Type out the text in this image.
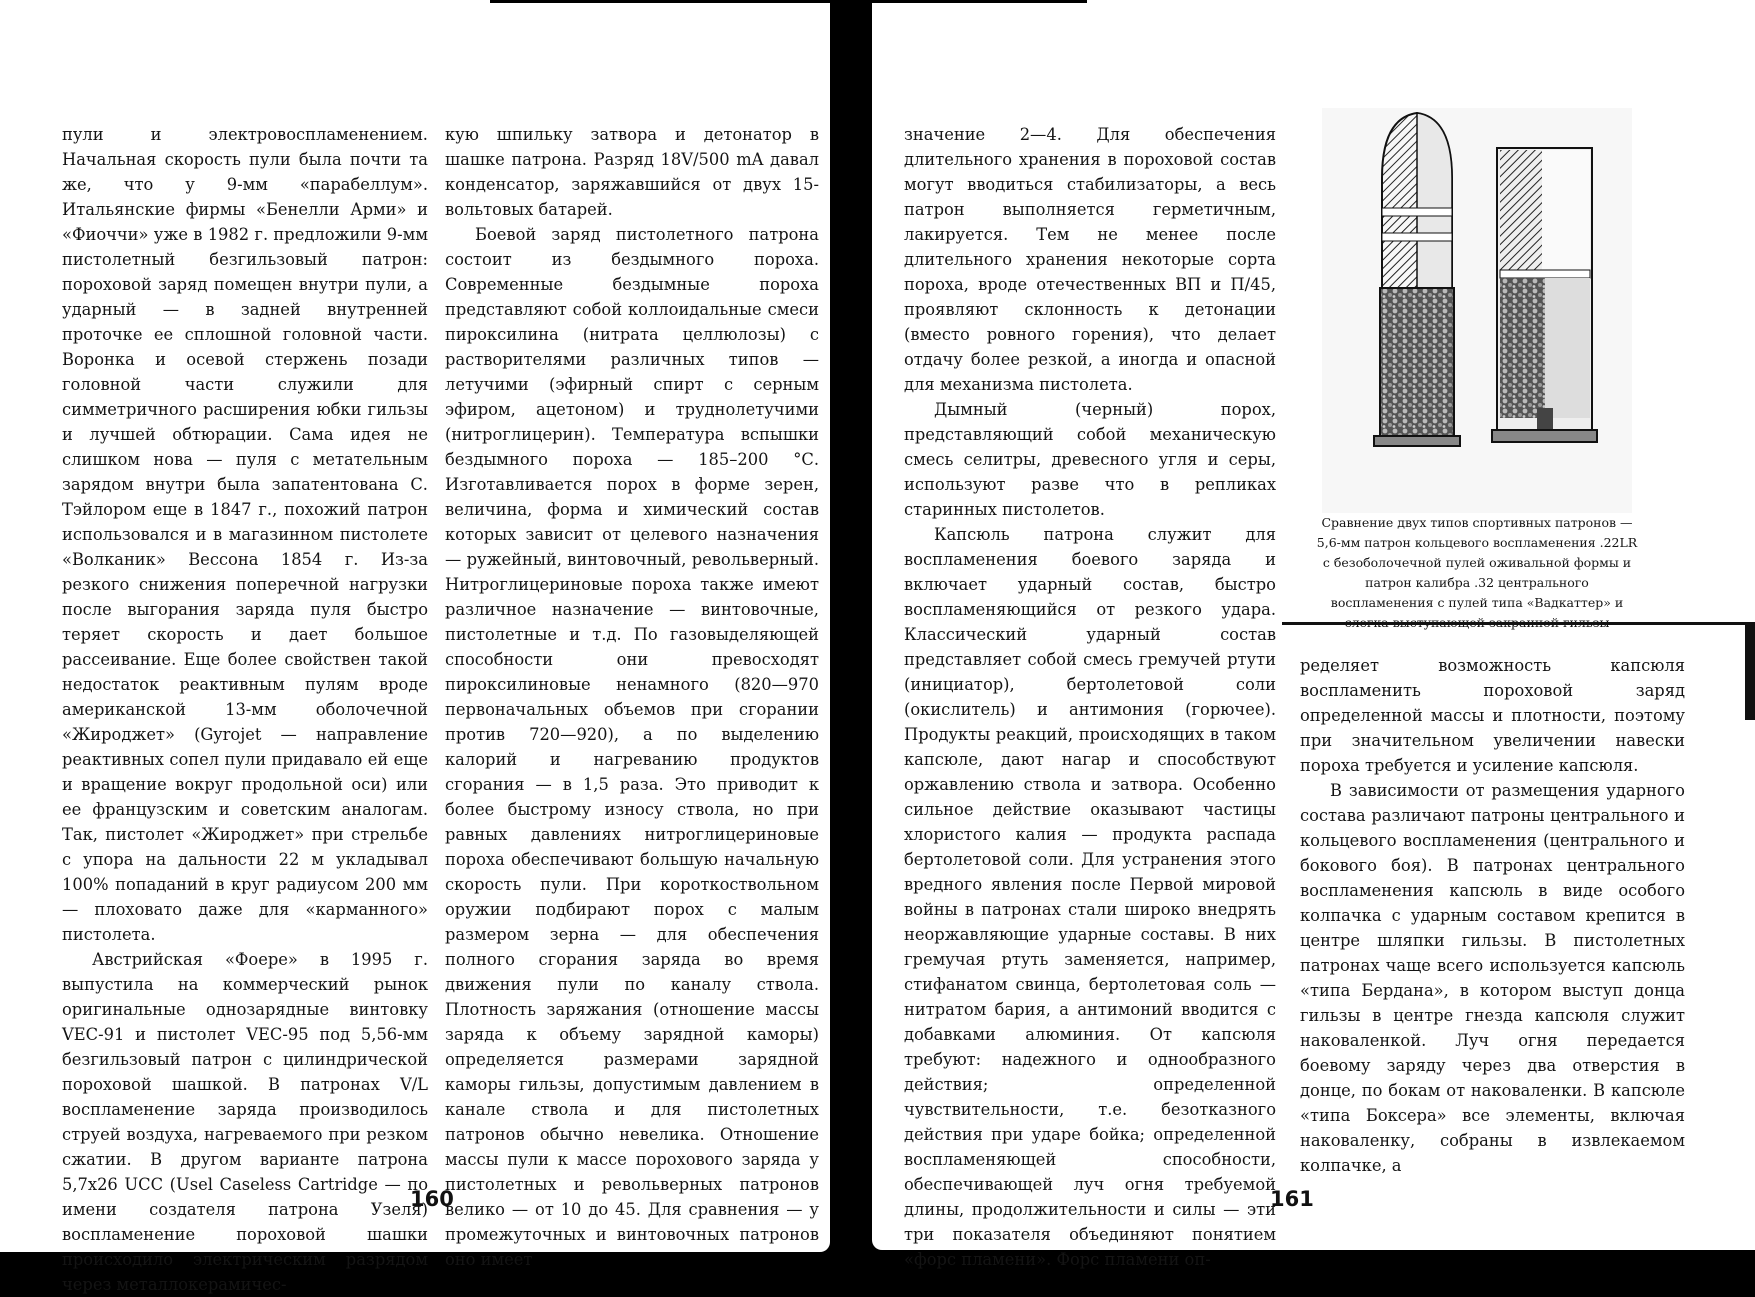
пули и электровоспламенением. Начальная скорость пули была почти та же, что у 9-мм «парабеллум». Итальянские фирмы «Бенелли Арми» и «Фиоччи» уже в 1982 г. предложили 9-мм пистолетный безгильзовый патрон: пороховой заряд помещен внутри пули, а ударный — в задней внутренней проточке ее сплошной головной части. Воронка и осевой стержень позади головной части служили для симметричного расширения юбки гильзы и лучшей обтюрации. Сама идея не слишком нова — пуля с метательным зарядом внутри была запатентована С. Тэйлором еще в 1847 г., похожий патрон использовался и в магазинном пистолете «Волканик» Вессона 1854 г. Из-за резкого снижения поперечной нагрузки после выгорания заряда пуля быстро теряет скорость и дает большое рассеивание. Еще более свойствен такой недостаток реактивным пулям вроде американской 13-мм оболочечной «Жироджет» (Gyrojet — направление реактивных сопел пули придавало ей еще и вращение вокруг продольной оси) или ее французским и советским аналогам. Так, пистолет «Жироджет» при стрельбе с упора на дальности 22 м укладывал 100% попаданий в круг радиусом 200 мм — плоховато даже для «карманного» пистолета.

Австрийская «Фоере» в 1995 г. выпустила на коммерческий рынок оригинальные однозарядные винтовку VEC-91 и пистолет VEC-95 под 5,56-мм безгильзовый патрон с цилиндрической пороховой шашкой. В патронах V/L воспламенение заряда производилось струей воздуха, нагреваемого при резком сжатии. В другом варианте патрона 5,7x26 UCC (Usel Caseless Cartridge — по имени создателя патрона Узеля) воспламенение пороховой шашки происходило электрическим разрядом через металлокерамичес-

кую шпильку затвора и детонатор в шашке патрона. Разряд 18V/500 mA давал конденсатор, заряжавшийся от двух 15-вольтовых батарей.

Боевой заряд пистолетного патрона состоит из бездымного пороха. Современные бездымные пороха представляют собой коллоидальные смеси пироксилина (нитрата целлюлозы) с растворителями различных типов — летучими (эфирный спирт с серным эфиром, ацетоном) и труднолетучими (нитроглицерин). Температура вспышки бездымного пороха — 185–200 °С. Изготавливается порох в форме зерен, величина, форма и химический состав которых зависит от целевого назначения — ружейный, винтовочный, револьверный. Нитроглицериновые пороха также имеют различное назначение — винтовочные, пистолетные и т.д. По газовыделяющей способности они превосходят пироксилиновые ненамного (820—970 первоначальных объемов при сгорании против 720—920), а по выделению калорий и нагреванию продуктов сгорания — в 1,5 раза. Это приводит к более быстрому износу ствола, но при равных давлениях нитроглицериновые пороха обеспечивают большую начальную скорость пули. При короткоствольном оружии подбирают порох с малым размером зерна — для обеспечения полного сгорания заряда во время движения пули по каналу ствола. Плотность заряжания (отношение массы заряда к объему зарядной каморы) определяется размерами зарядной каморы гильзы, допустимым давлением в канале ствола и для пистолетных патронов обычно невелика. Отношение массы пули к массе порохового заряда у пистолетных и револьверных патронов велико — от 10 до 45. Для сравнения — у промежуточных и винтовочных патронов оно имеет

160

значение 2—4. Для обеспечения длительного хранения в пороховой состав могут вводиться стабилизаторы, а весь патрон выполняется герметичным, лакируется. Тем не менее после длительного хранения некоторые сорта пороха, вроде отечественных ВП и П/45, проявляют склонность к детонации (вместо ровного горения), что делает отдачу более резкой, а иногда и опасной для механизма пистолета.

Дымный (черный) порох, представляющий собой механическую смесь селитры, древесного угля и серы, используют разве что в репликах старинных пистолетов.

Капсюль патрона служит для воспламенения боевого заряда и включает ударный состав, быстро воспламеняющийся от резкого удара. Классический ударный состав представляет собой смесь гремучей ртути (инициатор), бертолетовой соли (окислитель) и антимония (горючее). Продукты реакций, происходящих в таком капсюле, дают нагар и способствуют оржавлению ствола и затвора. Особенно сильное действие оказывают частицы хлористого калия — продукта распада бертолетовой соли. Для устранения этого вредного явления после Первой мировой войны в патронах стали широко внедрять неоржавляющие ударные составы. В них гремучая ртуть заменяется, например, стифанатом свинца, бертолетовая соль — нитратом бария, а антимоний вводится с добавками алюминия. От капсюля требуют: надежного и однообразного действия; определенной чувствительности, т.е. безотказного действия при ударе бойка; определенной воспламеняющей способности, обеспечивающей луч огня требуемой длины, продолжительности и силы — эти три показателя объединяют понятием «форс пламени». Форс пламени оп-

Сравнение двух типов спортивных патронов — 5,6-мм патрон кольцевого воспламенения .22LR с безоболочечной пулей оживальной формы и патрон калибра .32 центрального воспламенения с пулей типа «Вадкаттер» и

ределяет возможность капсюля воспламенить пороховой заряд определенной массы и плотности, поэтому при значительном увеличении навески пороха требуется и усиление капсюля.

В зависимости от размещения ударного состава различают патроны центрального и кольцевого воспламенения (центрального и бокового боя). В патронах центрального воспламенения капсюль в виде особого колпачка с ударным составом крепится в центре шляпки гильзы. В пистолетных патронах чаще всего используется капсюль «типа Бердана», в котором выступ донца гильзы в центре гнезда капсюля служит наковаленкой. Луч огня передается боевому заряду через два отверстия в донце, по бокам от наковаленки. В капсюле «типа Боксера» все элементы, включая наковаленку, собраны в извлекаемом колпачке, а

161
